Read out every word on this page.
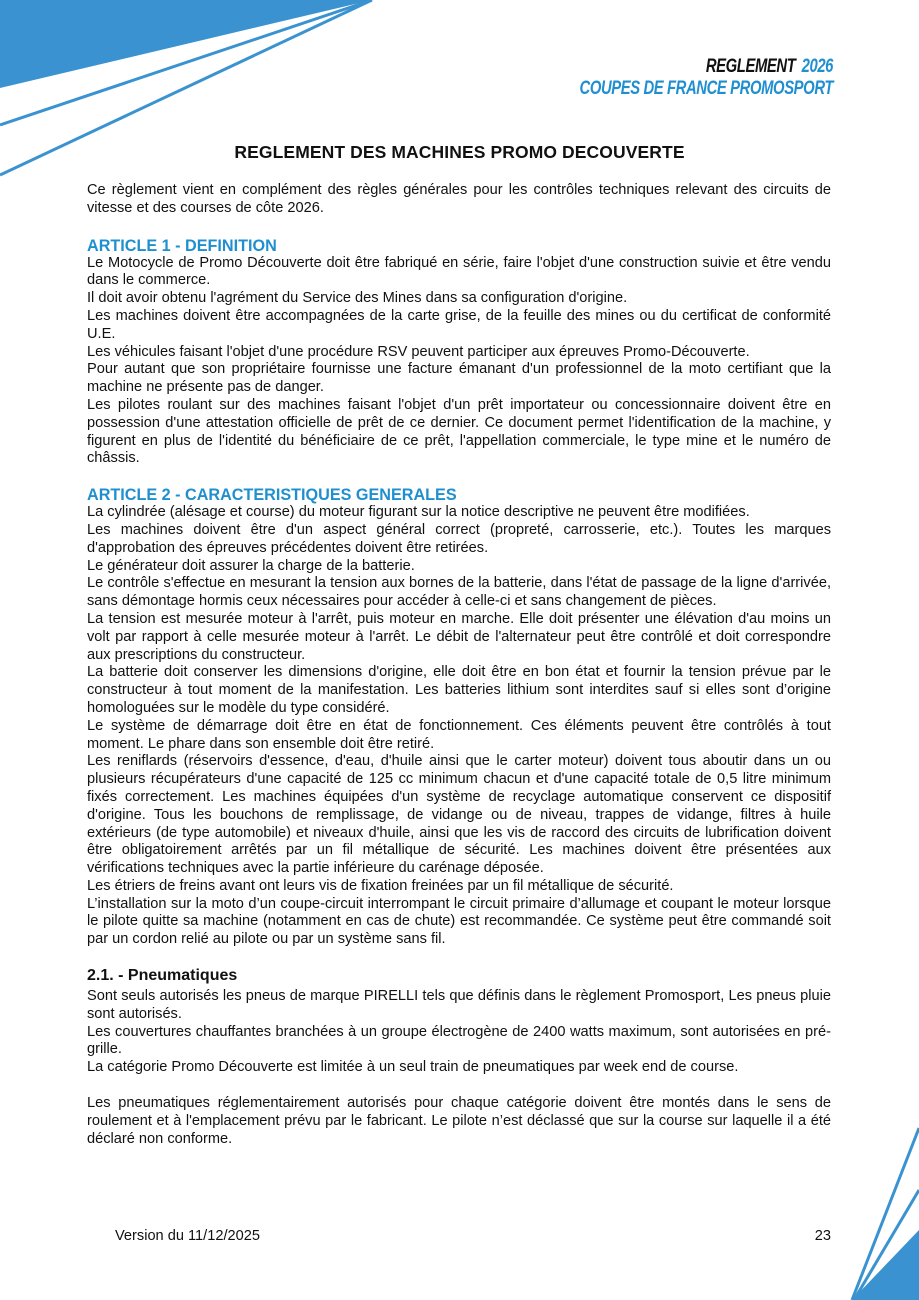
REGLEMENT 2026
COUPES DE FRANCE PROMOSPORT
REGLEMENT DES MACHINES PROMO DECOUVERTE

Ce règlement vient en complément des règles générales pour les contrôles techniques relevant des circuits de vitesse et des courses de côte 2026.

ARTICLE 1 - DEFINITION

Le Motocycle de Promo Découverte doit être fabriqué en série, faire l'objet d'une construction suivie et être vendu dans le commerce.

Il doit avoir obtenu l'agrément du Service des Mines dans sa configuration d'origine.

Les machines doivent être accompagnées de la carte grise, de la feuille des mines ou du certificat de conformité U.E.

Les véhicules faisant l'objet d'une procédure RSV peuvent participer aux épreuves Promo-Découverte.

Pour autant que son propriétaire fournisse une facture émanant d'un professionnel de la moto certifiant que la machine ne présente pas de danger.

Les pilotes roulant sur des machines faisant l'objet d'un prêt importateur ou concessionnaire doivent être en possession d'une attestation officielle de prêt de ce dernier. Ce document permet l'identification de la machine, y figurent en plus de l'identité du bénéficiaire de ce prêt, l'appellation commerciale, le type mine et le numéro de châssis.

ARTICLE 2 - CARACTERISTIQUES GENERALES

La cylindrée (alésage et course) du moteur figurant sur la notice descriptive ne peuvent être modifiées.

Les machines doivent être d'un aspect général correct (propreté, carrosserie, etc.). Toutes les marques d'approbation des épreuves précédentes doivent être retirées.

Le générateur doit assurer la charge de la batterie.

Le contrôle s'effectue en mesurant la tension aux bornes de la batterie, dans l'état de passage de la ligne d'arrivée, sans démontage hormis ceux nécessaires pour accéder à celle-ci et sans changement de pièces.

La tension est mesurée moteur à l'arrêt, puis moteur en marche. Elle doit présenter une élévation d'au moins un volt par rapport à celle mesurée moteur à l'arrêt. Le débit de l'alternateur peut être contrôlé et doit correspondre aux prescriptions du constructeur.

La batterie doit conserver les dimensions d'origine, elle doit être en bon état et fournir la tension prévue par le constructeur à tout moment de la manifestation. Les batteries lithium sont interdites sauf si elles sont d’origine homologuées sur le modèle du type considéré.

Le système de démarrage doit être en état de fonctionnement. Ces éléments peuvent être contrôlés à tout moment. Le phare dans son ensemble doit être retiré.

Les reniflards (réservoirs d'essence, d'eau, d'huile ainsi que le carter moteur) doivent tous aboutir dans un ou plusieurs récupérateurs d'une capacité de 125 cc minimum chacun et d'une capacité totale de 0,5 litre minimum fixés correctement. Les machines équipées d'un système de recyclage automatique conservent ce dispositif d'origine. Tous les bouchons de remplissage, de vidange ou de niveau, trappes de vidange, filtres à huile extérieurs (de type automobile) et niveaux d'huile, ainsi que les vis de raccord des circuits de lubrification doivent être obligatoirement arrêtés par un fil métallique de sécurité. Les machines doivent être présentées aux vérifications techniques avec la partie inférieure du carénage déposée.

Les étriers de freins avant ont leurs vis de fixation freinées par un fil métallique de sécurité.

L’installation sur la moto d’un coupe-circuit interrompant le circuit primaire d’allumage et coupant le moteur lorsque le pilote quitte sa machine (notamment en cas de chute) est recommandée. Ce système peut être commandé soit par un cordon relié au pilote ou par un système sans fil.

2.1. - Pneumatiques

Sont seuls autorisés les pneus de marque PIRELLI tels que définis dans le règlement Promosport, Les pneus pluie sont autorisés.

Les couvertures chauffantes branchées à un groupe électrogène de 2400 watts maximum, sont autorisées en pré-grille.

La catégorie Promo Découverte est limitée à un seul train de pneumatiques par week end de course.

Les pneumatiques réglementairement autorisés pour chaque catégorie doivent être montés dans le sens de roulement et à l'emplacement prévu par le fabricant. Le pilote n’est déclassé que sur la course sur laquelle il a été déclaré non conforme.

Version du 11/12/2025	23
